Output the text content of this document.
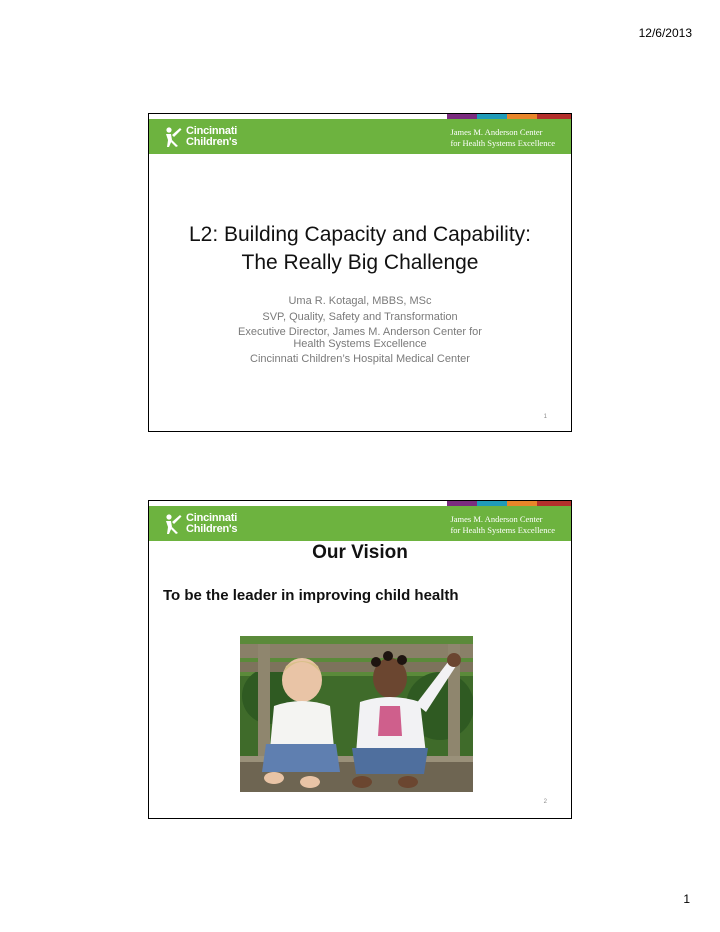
12/6/2013
Cincinnati
Children's
James M. Anderson Center
for Health Systems Excellence
L2: Building Capacity and Capability:
The Really Big Challenge
Uma R. Kotagal, MBBS, MSc
SVP, Quality, Safety and Transformation
Executive Director, James M. Anderson Center for
Health Systems Excellence
Cincinnati Children’s Hospital Medical Center
1
Cincinnati
Children's
James M. Anderson Center
for Health Systems Excellence
Our Vision
To be the leader in improving child health
2
1
